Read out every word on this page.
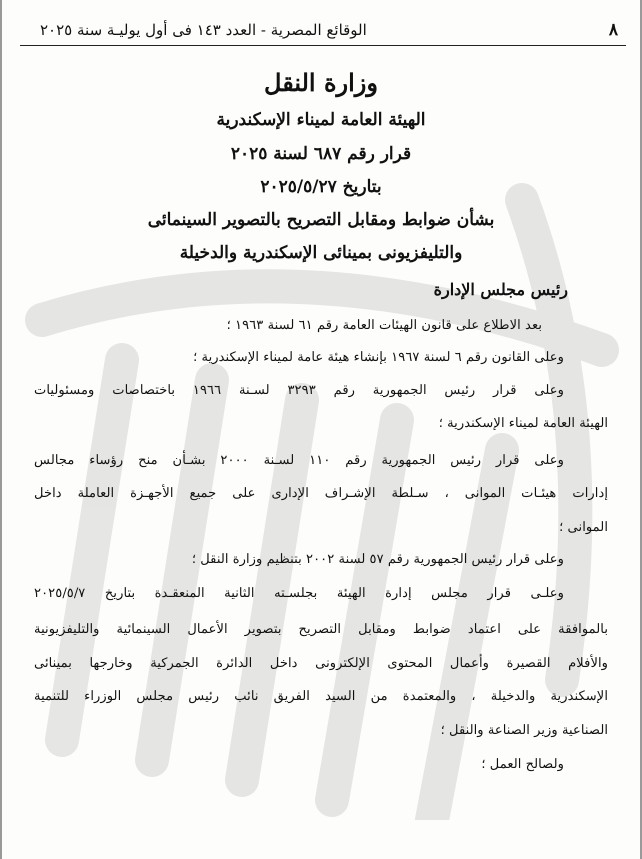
٨
الوقائع المصرية - العدد ١٤٣ فى أول يوليـة سنة ٢٠٢٥
وزارة النقل
الهيئة العامة لميناء الإسكندرية
قرار رقم ٦٨٧ لسنة ٢٠٢٥
بتاريخ ٢٠٢٥/٥/٢٧
بشأن ضوابط ومقابل التصريح بالتصوير السينمائى
والتليفزيونى بمينائى الإسكندرية والدخيلة
رئيس مجلس الإدارة
بعد الاطلاع على قانون الهيئات العامة رقم ٦١ لسنة ١٩٦٣ ؛
وعلى القانون رقم ٦ لسنة ١٩٦٧ بإنشاء هيئة عامة لميناء الإسكندرية ؛
وعلى قرار رئيس الجمهورية رقم ٣٢٩٣ لسـنة ١٩٦٦ باختصاصات ومسئوليات
الهيئة العامة لميناء الإسكندرية ؛
وعلى قرار رئيس الجمهورية رقم ١١٠ لسـنة ٢٠٠٠ بشـأن منح رؤساء مجالس
إدارات هيئـات الموانى ، سـلطة الإشـراف الإدارى على جميع الأجهـزة العاملة داخل
الموانى ؛
وعلى قرار رئيس الجمهورية رقم ٥٧ لسنة ٢٠٠٢ بتنظيم وزارة النقل ؛
وعلـى قرار مجلس إدارة الهيئة بجلسـته الثانية المنعقـدة بتاريخ ٢٠٢٥/٥/٧
بالموافقة على اعتماد ضوابط ومقابل التصريح بتصوير الأعمال السينمائية والتليفزيونية
والأفلام القصيرة وأعمال المحتوى الإلكترونى داخل الدائرة الجمركية وخارجها بمينائى
الإسكندرية والدخيلة ، والمعتمدة من السيد الفريق نائب رئيس مجلس الوزراء للتنمية
الصناعية وزير الصناعة والنقل ؛
ولصالح العمل ؛
